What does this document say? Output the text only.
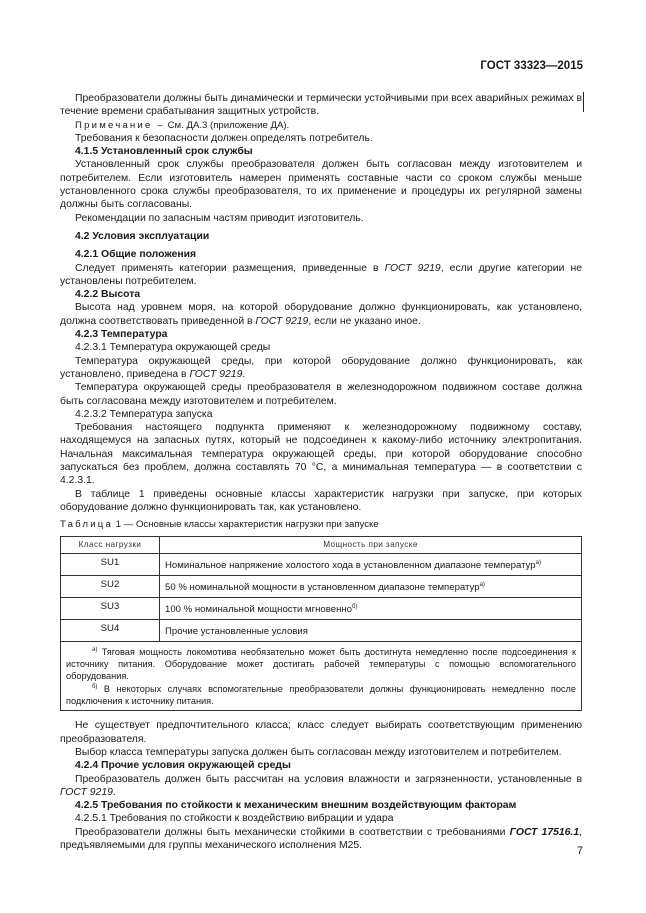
ГОСТ 33323—2015

Преобразователи должны быть динамически и термически устойчивыми при всех аварийных режимах в течение времени срабатывания защитных устройств.

Примечание – См. ДА.3 (приложение ДА).

Требования к безопасности должен определять потребитель.

4.1.5 Установленный срок службы

Установленный срок службы преобразователя должен быть согласован между изготовителем и потребителем. Если изготовитель намерен применять составные части со сроком службы меньше установленного срока службы преобразователя, то их применение и процедуры их регулярной замены должны быть согласованы.

Рекомендации по запасным частям приводит изготовитель.

4.2 Условия эксплуатации

4.2.1 Общие положения

Следует применять категории размещения, приведенные в ГОСТ 9219, если другие категории не установлены потребителем.

4.2.2 Высота

Высота над уровнем моря, на которой оборудование должно функционировать, как установлено, должна соответствовать приведенной в ГОСТ 9219, если не указано иное.

4.2.3 Температура

4.2.3.1 Температура окружающей среды

Температура окружающей среды, при которой оборудование должно функционировать, как установлено, приведена в ГОСТ 9219.

Температура окружающей среды преобразователя в железнодорожном подвижном составе должна быть согласована между изготовителем и потребителем.

4.2.3.2 Температура запуска

Требования настоящего подпункта применяют к железнодорожному подвижному составу, находящемуся на запасных путях, который не подсоединен к какому-либо источнику электропитания. Начальная максимальная температура окружающей среды, при которой оборудование способно запускаться без проблем, должна составлять 70 °С, а минимальная температура — в соответствии с 4.2.3.1.

В таблице 1 приведены основные классы характеристик нагрузки при запуске, при которых оборудование должно функционировать так, как установлено.

Таблица 1 — Основные классы характеристик нагрузки при запуске

Класс нагрузки	Мощность при запуске
SU1	Номинальное напряжение холостого хода в установленном диапазоне температур$^{а)}$
SU2	50 % номинальной мощности в установленном диапазоне температур$^{а)}$
SU3	100 % номинальной мощности мгновенно$^{б)}$
SU4	Прочие установленные условия

$^{а)}$ Тяговая мощность локомотива необязательно может быть достигнута немедленно после подсоединения к источнику питания. Оборудование может достигать рабочей температуры с помощью вспомогательного оборудования.

$^{б)}$ В некоторых случаях вспомогательные преобразователи должны функционировать немедленно после подключения к источнику питания.	

Не существует предпочтительного класса; класс следует выбирать соответствующим применению преобразователя.

Выбор класса температуры запуска должен быть согласован между изготовителем и потребителем.

4.2.4 Прочие условия окружающей среды

Преобразователь должен быть рассчитан на условия влажности и загрязненности, установленные в ГОСТ 9219.

4.2.5 Требования по стойкости к механическим внешним воздействующим факторам

4.2.5.1 Требования по стойкости к воздействию вибрации и удара

Преобразователи должны быть механически стойкими в соответствии с требованиями ГОСТ 17516.1, предъявляемыми для группы механического исполнения М25.	7
